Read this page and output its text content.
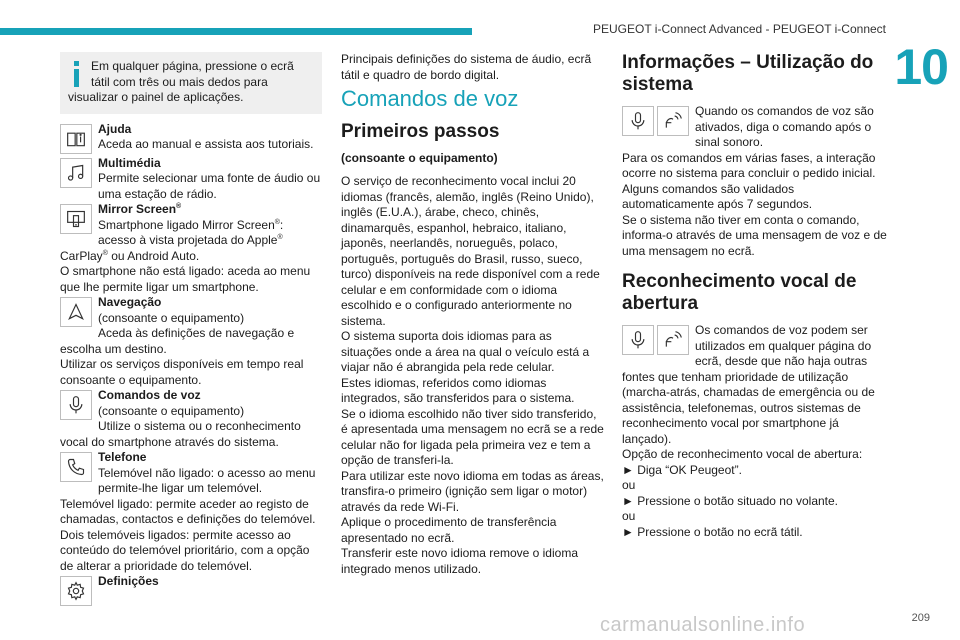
PEUGEOT i-Connect Advanced - PEUGEOT i-Connect
10

Em qualquer página, pressione o ecrã tátil com três ou mais dedos para visualizar o painel de aplicações.

Ajuda

Aceda ao manual e assista aos tutoriais.

Multimédia

Permite selecionar uma fonte de áudio ou uma estação de rádio.

Mirror Screen®

Smartphone ligado Mirror Screen®: acesso à vista projetada do Apple® CarPlay® ou Android Auto.

O smartphone não está ligado: aceda ao menu que lhe permite ligar um smartphone.

Navegação

(consoante o equipamento)

Aceda às definições de navegação e escolha um destino.

Utilizar os serviços disponíveis em tempo real consoante o equipamento.

Comandos de voz

(consoante o equipamento)

Utilize o sistema ou o reconhecimento vocal do smartphone através do sistema.

Telefone

Telemóvel não ligado: o acesso ao menu permite-lhe ligar um telemóvel.

Telemóvel ligado: permite aceder ao registo de chamadas, contactos e definições do telemóvel.

Dois telemóveis ligados: permite acesso ao conteúdo do telemóvel prioritário, com a opção de alterar a prioridade do telemóvel.

Definições

Principais definições do sistema de áudio, ecrã tátil e quadro de bordo digital.

Comandos de voz

Primeiros passos

(consoante o equipamento)

O serviço de reconhecimento vocal inclui 20 idiomas (francês, alemão, inglês (Reino Unido), inglês (E.U.A.), árabe, checo, chinês, dinamarquês, espanhol, hebraico, italiano, japonês, neerlandês, norueguês, polaco, português, português do Brasil, russo, sueco, turco) disponíveis na rede disponível com a rede celular e em conformidade com o idioma escolhido e o configurado anteriormente no sistema.

O sistema suporta dois idiomas para as situações onde a área na qual o veículo está a viajar não é abrangida pela rede celular.

Estes idiomas, referidos como idiomas integrados, são transferidos para o sistema.

Se o idioma escolhido não tiver sido transferido, é apresentada uma mensagem no ecrã se a rede celular não for ligada pela primeira vez e tem a opção de transferi-la.

Para utilizar este novo idioma em todas as áreas, transfira-o primeiro (ignição sem ligar o motor) através da rede Wi-Fi.

Aplique o procedimento de transferência apresentado no ecrã.

Transferir este novo idioma remove o idioma integrado menos utilizado.

Informações – Utilização do sistema

Quando os comandos de voz são ativados, diga o comando após o sinal sonoro.

Para os comandos em várias fases, a interação ocorre no sistema para concluir o pedido inicial.

Alguns comandos são validados automaticamente após 7 segundos.

Se o sistema não tiver em conta o comando, informa-o através de uma mensagem de voz e de uma mensagem no ecrã.

Reconhecimento vocal de abertura

Os comandos de voz podem ser utilizados em qualquer página do ecrã, desde que não haja outras fontes que tenham prioridade de utilização (marcha-atrás, chamadas de emergência ou de assistência, telefonemas, outros sistemas de reconhecimento vocal por smartphone já lançado).

Opção de reconhecimento vocal de abertura:

► Diga “OK Peugeot”.

ou

► Pressione o botão situado no volante.

ou

► Pressione o botão no ecrã tátil.

carmanualsonline.info	209
